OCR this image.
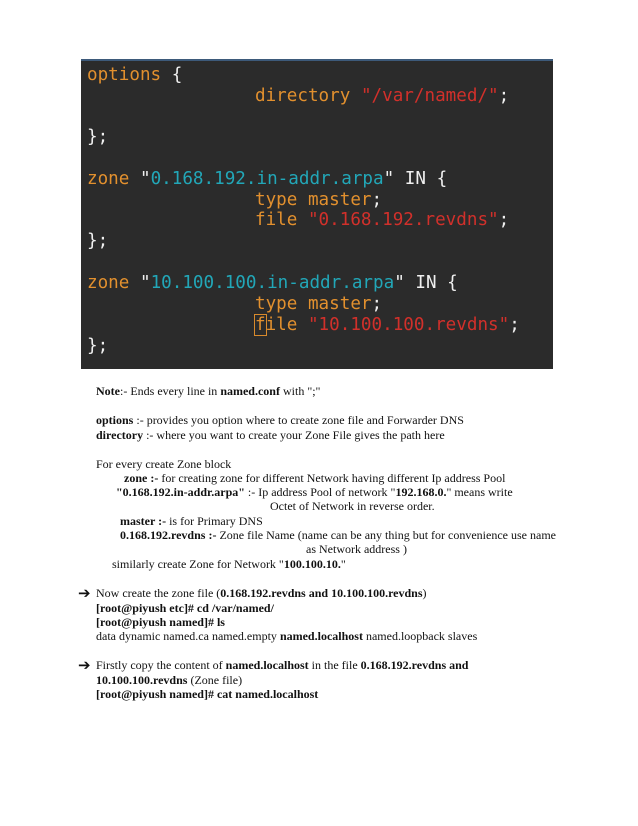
options {
directory "/var/named/";
};
zone "0.168.192.in-addr.arpa" IN {
type master;
file "0.168.192.revdns";
};
zone "10.100.100.in-addr.arpa" IN {
type master;
file "10.100.100.revdns";
};
Note:- Ends every line in named.conf with ";"
options :- provides you option where to create zone file and Forwarder DNS
directory :- where you want to create your Zone File gives the path here
For every create Zone block
zone :- for creating zone for different Network having different Ip address Pool
"0.168.192.in-addr.arpa" :- Ip address Pool of network "192.168.0." means write
Octet of Network in reverse order.
master :- is for Primary DNS
0.168.192.revdns :- Zone file Name (name can be any thing but for convenience use name
as Network address )
similarly create Zone for Network "100.100.10."
➔ Now create the zone file (0.168.192.revdns and 10.100.100.revdns)
[root@piyush etc]# cd /var/named/
[root@piyush named]# ls
data dynamic named.ca named.empty named.localhost named.loopback slaves
➔ Firstly copy the content of named.localhost in the file 0.168.192.revdns and
10.100.100.revdns (Zone file)
[root@piyush named]# cat named.localhost
